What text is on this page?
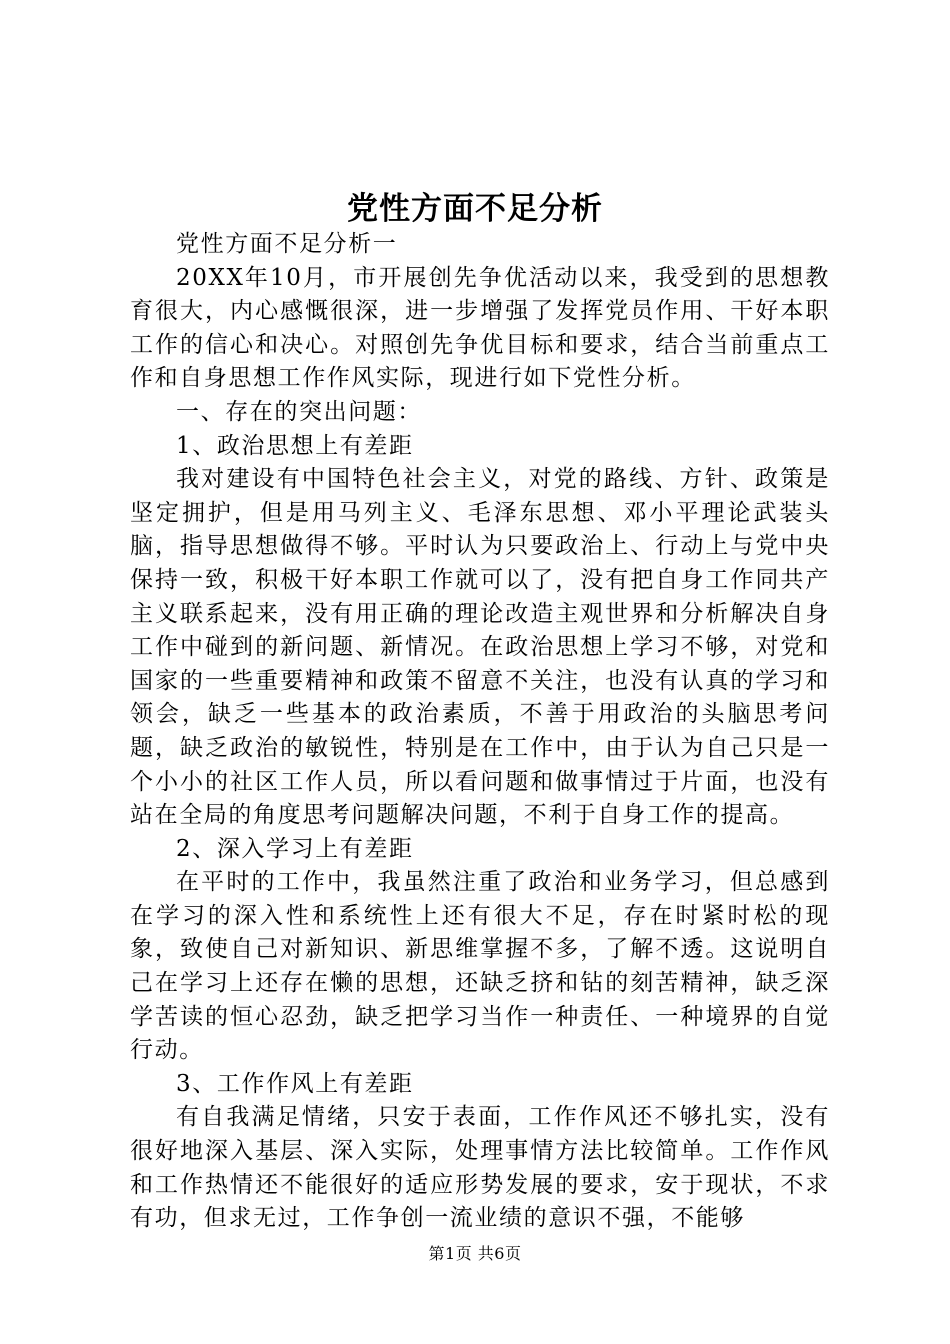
党性方面不足分析

党性方面不足分析一

20XX年10月，市开展创先争优活动以来，我受到的思想教育很大，内心感慨很深，进一步增强了发挥党员作用、干好本职工作的信心和决心。对照创先争优目标和要求，结合当前重点工作和自身思想工作作风实际，现进行如下党性分析。

一、存在的突出问题：

1、政治思想上有差距

我对建设有中国特色社会主义，对党的路线、方针、政策是坚定拥护，但是用马列主义、毛泽东思想、邓小平理论武装头脑，指导思想做得不够。平时认为只要政治上、行动上与党中央保持一致，积极干好本职工作就可以了，没有把自身工作同共产主义联系起来，没有用正确的理论改造主观世界和分析解决自身工作中碰到的新问题、新情况。在政治思想上学习不够，对党和国家的一些重要精神和政策不留意不关注，也没有认真的学习和领会，缺乏一些基本的政治素质，不善于用政治的头脑思考问题，缺乏政治的敏锐性，特别是在工作中，由于认为自己只是一个小小的社区工作人员，所以看问题和做事情过于片面，也没有站在全局的角度思考问题解决问题，不利于自身工作的提高。

2、深入学习上有差距

在平时的工作中，我虽然注重了政治和业务学习，但总感到在学习的深入性和系统性上还有很大不足，存在时紧时松的现象，致使自己对新知识、新思维掌握不多，了解不透。这说明自己在学习上还存在懒的思想，还缺乏挤和钻的刻苦精神，缺乏深学苦读的恒心忍劲，缺乏把学习当作一种责任、一种境界的自觉行动。

3、工作作风上有差距

有自我满足情绪，只安于表面，工作作风还不够扎实，没有很好地深入基层、深入实际，处理事情方法比较简单。工作作风和工作热情还不能很好的适应形势发展的要求，安于现状，不求有功，但求无过，工作争创一流业绩的意识不强，不能够

第1页 共6页
